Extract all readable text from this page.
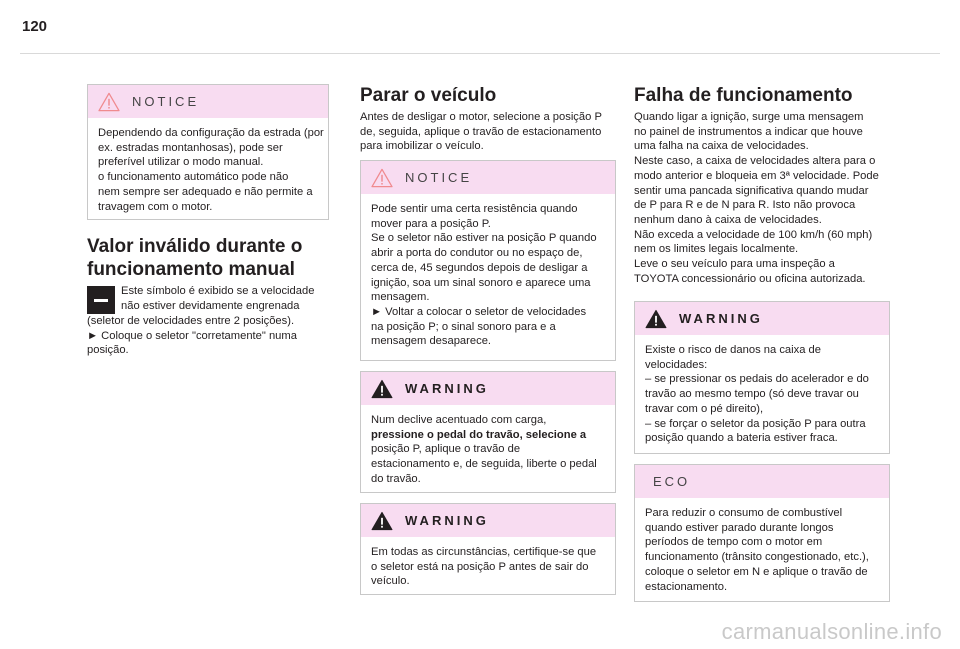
120
NOTICE
Dependendo da configuração da estrada (por
ex. estradas montanhosas), pode ser
preferível utilizar o modo manual.
o funcionamento automático pode não
nem sempre ser adequado e não permite a
travagem com o motor.
Valor inválido durante o
funcionamento manual
Este símbolo é exibido se a velocidade
não estiver devidamente engrenada
(seletor de velocidades entre 2 posições).
► Coloque o seletor "corretamente" numa
posição.
Parar o veículo
Antes de desligar o motor, selecione a posição P
de, seguida, aplique o travão de estacionamento
para imobilizar o veículo.
NOTICE
Pode sentir uma certa resistência quando
mover para a posição P.
Se o seletor não estiver na posição P quando
abrir a porta do condutor ou no espaço de,
cerca de, 45 segundos depois de desligar a
ignição, soa um sinal sonoro e aparece uma
mensagem.
► Voltar a colocar o seletor de velocidades
na posição P; o sinal sonoro para e a
mensagem desaparece.
WARNING
Num declive acentuado com carga,
pressione o pedal do travão, selecione a
posição P, aplique o travão de
estacionamento e, de seguida, liberte o pedal
do travão.
WARNING
Em todas as circunstâncias, certifique-se que
o seletor está na posição P antes de sair do
veículo.
Falha de funcionamento
Quando ligar a ignição, surge uma mensagem
no painel de instrumentos a indicar que houve
uma falha na caixa de velocidades.
Neste caso, a caixa de velocidades altera para o
modo anterior e bloqueia em 3ª velocidade. Pode
sentir uma pancada significativa quando mudar
de P para R e de N para R. Isto não provoca
nenhum dano à caixa de velocidades.
Não exceda a velocidade de 100 km/h (60 mph)
nem os limites legais localmente.
Leve o seu veículo para uma inspeção a
TOYOTA concessionário ou oficina autorizada.
WARNING
Existe o risco de danos na caixa de
velocidades:
– se pressionar os pedais do acelerador e do
travão ao mesmo tempo (só deve travar ou
travar com o pé direito),
– se forçar o seletor da posição P para outra
posição quando a bateria estiver fraca.
ECO
Para reduzir o consumo de combustível
quando estiver parado durante longos
períodos de tempo com o motor em
funcionamento (trânsito congestionado, etc.),
coloque o seletor em N e aplique o travão de
estacionamento.
carmanualsonline.info
